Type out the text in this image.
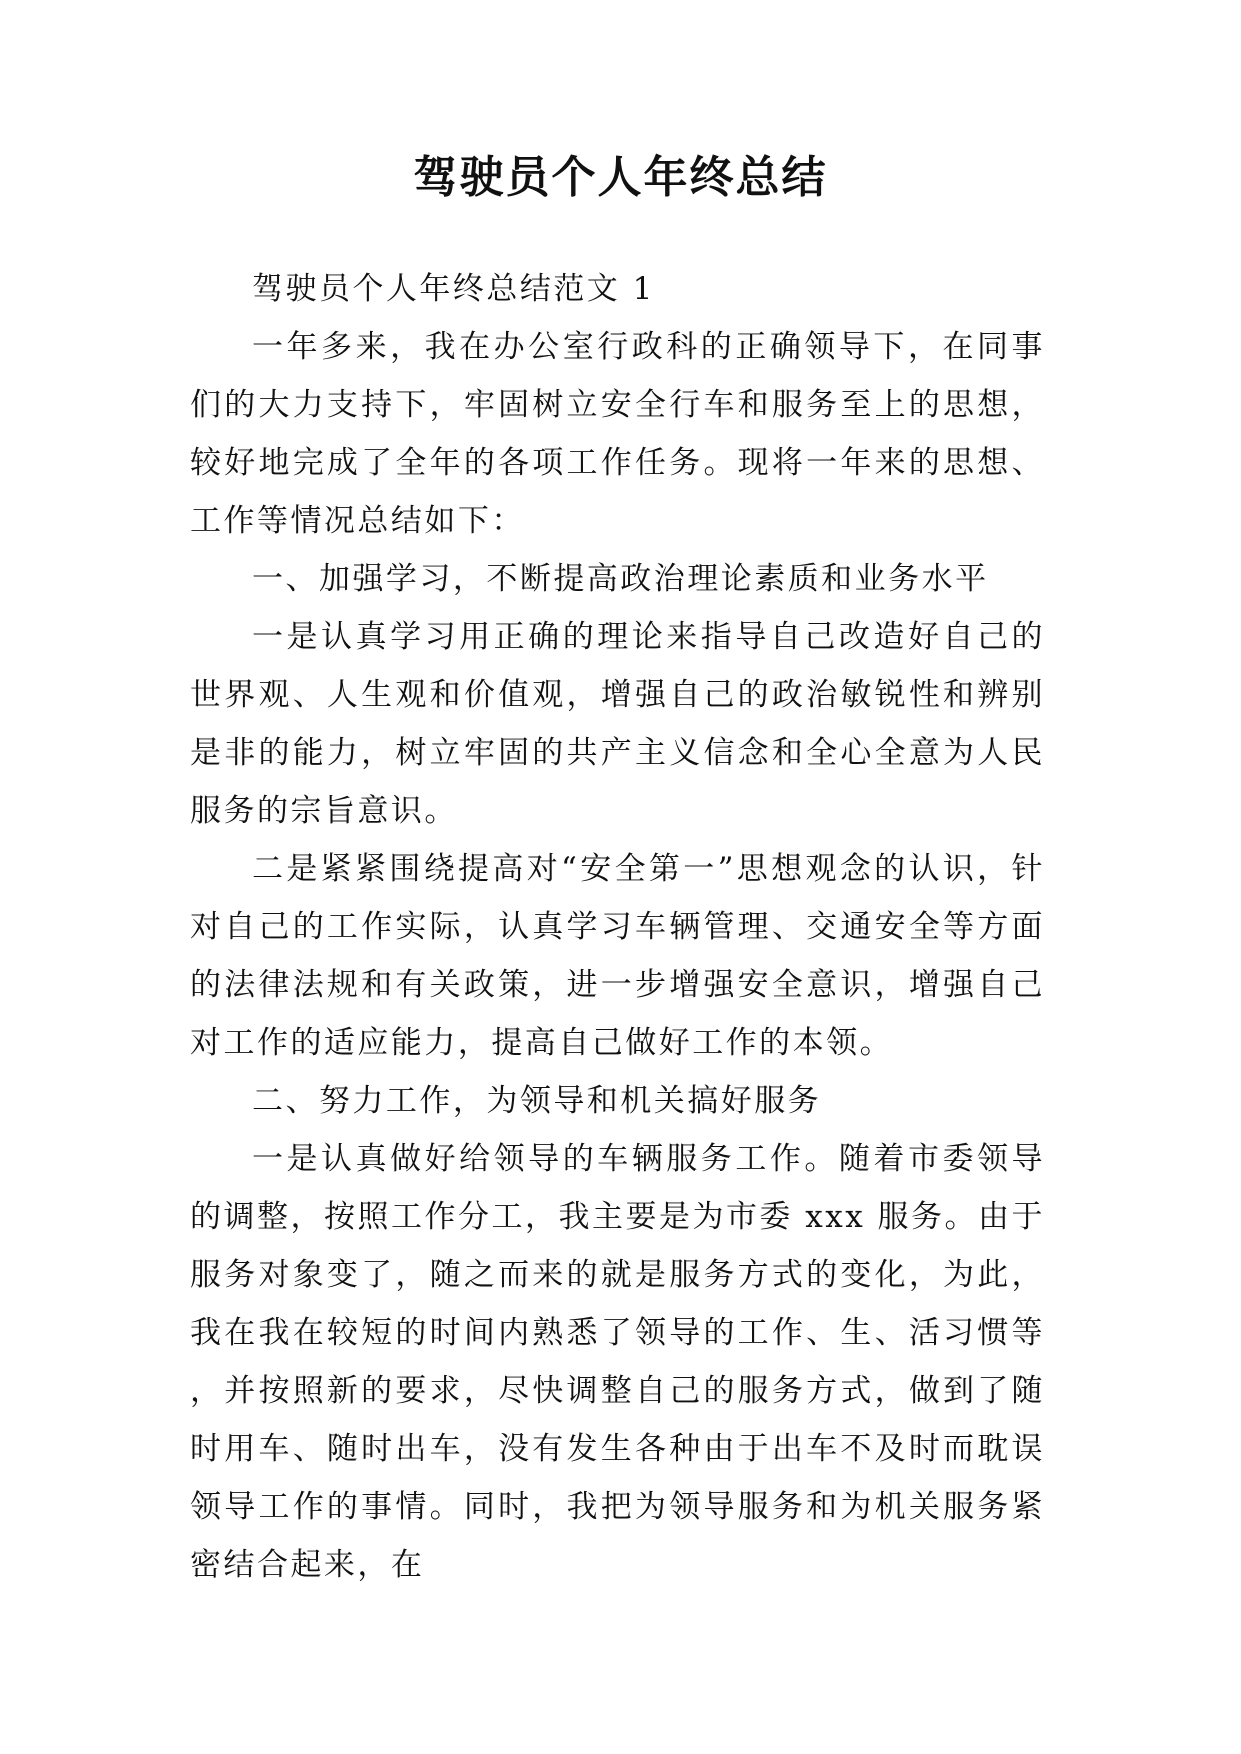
驾驶员个人年终总结

驾驶员个人年终总结范文 1

一年多来，我在办公室行政科的正确领导下，在同事们的大力支持下，牢固树立安全行车和服务至上的思想，较好地完成了全年的各项工作任务。现将一年来的思想、工作等情况总结如下：

一、加强学习，不断提高政治理论素质和业务水平

一是认真学习用正确的理论来指导自己改造好自己的世界观、人生观和价值观，增强自己的政治敏锐性和辨别是非的能力，树立牢固的共产主义信念和全心全意为人民服务的宗旨意识。

二是紧紧围绕提高对“安全第一”思想观念的认识，针对自己的工作实际，认真学习车辆管理、交通安全等方面的法律法规和有关政策，进一步增强安全意识，增强自己对工作的适应能力，提高自己做好工作的本领。

二、努力工作，为领导和机关搞好服务

一是认真做好给领导的车辆服务工作。随着市委领导的调整，按照工作分工，我主要是为市委 xxx 服务。由于服务对象变了，随之而来的就是服务方式的变化，为此，我在我在较短的时间内熟悉了领导的工作、生、活习惯等，并按照新的要求，尽快调整自己的服务方式，做到了随时用车、随时出车，没有发生各种由于出车不及时而耽误领导工作的事情。同时，我把为领导服务和为机关服务紧密结合起来，在
